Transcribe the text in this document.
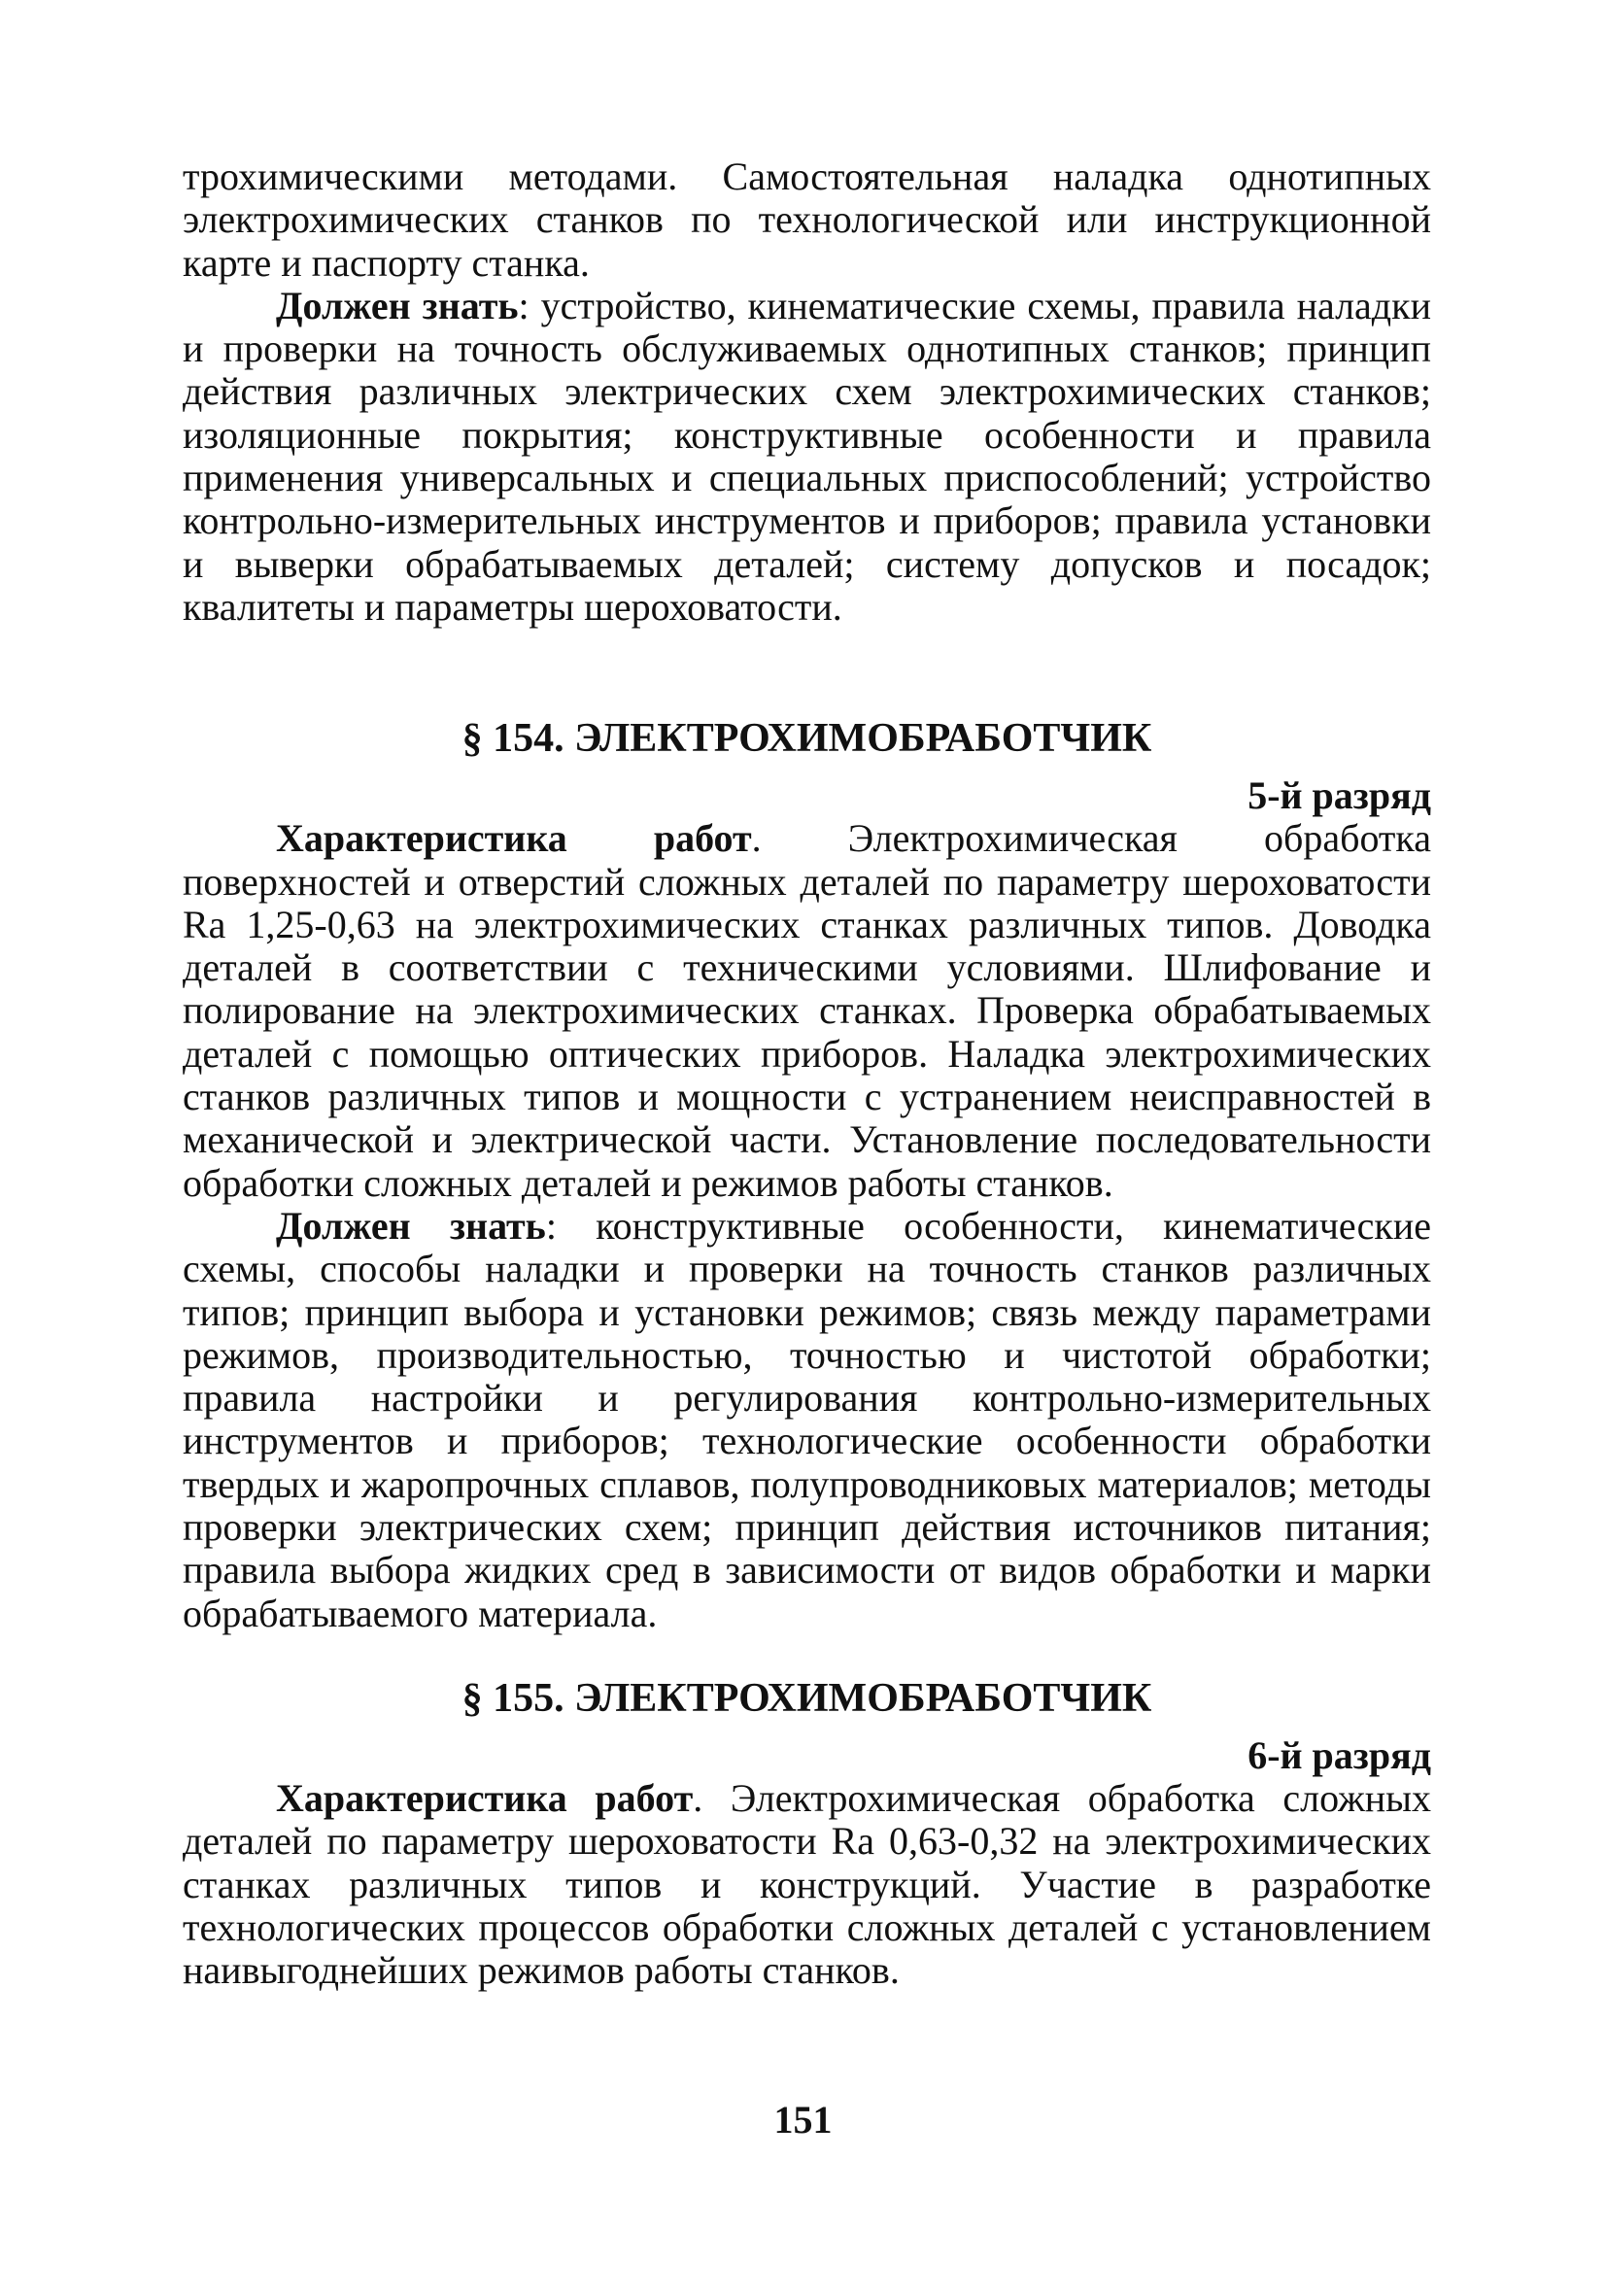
трохимическими методами. Самостоятельная наладка однотипных электрохимических станков по технологической или инструкционной карте и паспорту станка.

Должен знать: устройство, кинематические схемы, правила наладки и проверки на точность обслуживаемых однотипных станков; принцип действия различных электрических схем электрохимических станков; изоляционные покрытия; конструктивные особенности и правила применения универсальных и специальных приспособлений; устройство контрольно-измерительных инструментов и приборов; правила установки и выверки обрабатываемых деталей; систему допусков и посадок; квалитеты и параметры шероховатости.

§ 154. ЭЛЕКТРОХИМОБРАБОТЧИК

5-й разряд

Характеристика работ. Электрохимическая обработка поверхностей и отверстий сложных деталей по параметру шероховатости Ra 1,25-0,63 на электрохимических станках различных типов. Доводка деталей в соответствии с техническими условиями. Шлифование и полирование на электрохимических станках. Проверка обрабатываемых деталей с помощью оптических приборов. Наладка электрохимических станков различных типов и мощности с устранением неисправностей в механической и электрической части. Установление последовательности обработки сложных деталей и режимов работы станков.

Должен знать: конструктивные особенности, кинематические схемы, способы наладки и проверки на точность станков различных типов; принцип выбора и установки режимов; связь между параметрами режимов, производительностью, точностью и чистотой обработки; правила настройки и регулирования контрольно-измерительных инструментов и приборов; технологические особенности обработки твердых и жаропрочных сплавов, полупроводниковых материалов; методы проверки электрических схем; принцип действия источников питания; правила выбора жидких сред в зависимости от видов обработки и марки обрабатываемого материала.

§ 155. ЭЛЕКТРОХИМОБРАБОТЧИК

6-й разряд

Характеристика работ. Электрохимическая обработка сложных деталей по параметру шероховатости Ra 0,63-0,32 на электрохимических станках различных типов и конструкций. Участие в разработке технологических процессов обработки сложных деталей с установлением наивыгоднейших режимов работы станков.

151
